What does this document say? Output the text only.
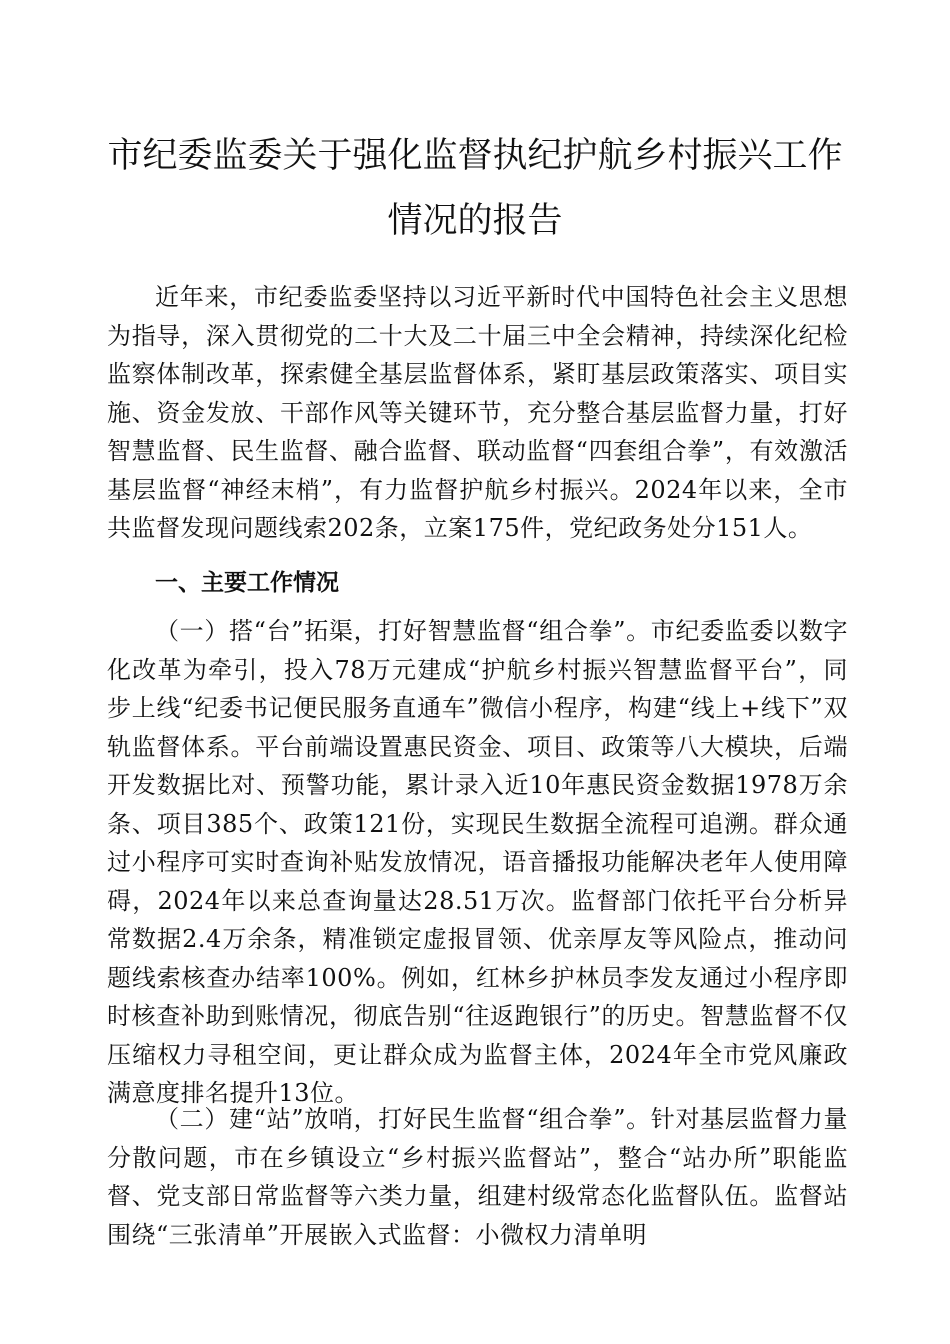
市纪委监委关于强化监督执纪护航乡村振兴工作
情况的报告

近年来，市纪委监委坚持以习近平新时代中国特色社会主义思想为指导，深入贯彻党的二十大及二十届三中全会精神，持续深化纪检监察体制改革，探索健全基层监督体系，紧盯基层政策落实、项目实施、资金发放、干部作风等关键环节，充分整合基层监督力量，打好智慧监督、民生监督、融合监督、联动监督“四套组合拳”，有效激活基层监督“神经末梢”，有力监督护航乡村振兴。2024年以来，全市共监督发现问题线索202条，立案175件，党纪政务处分151人。

一、主要工作情况

（一）搭“台”拓渠，打好智慧监督“组合拳”。市纪委监委以数字化改革为牵引，投入78万元建成“护航乡村振兴智慧监督平台”，同步上线“纪委书记便民服务直通车”微信小程序，构建“线上+线下”双轨监督体系。平台前端设置惠民资金、项目、政策等八大模块，后端开发数据比对、预警功能，累计录入近10年惠民资金数据1978万余条、项目385个、政策121份，实现民生数据全流程可追溯。群众通过小程序可实时查询补贴发放情况，语音播报功能解决老年人使用障碍，2024年以来总查询量达28.51万次。监督部门依托平台分析异常数据2.4万余条，精准锁定虚报冒领、优亲厚友等风险点，推动问题线索核查办结率100%。例如，红林乡护林员李发友通过小程序即时核查补助到账情况，彻底告别“往返跑银行”的历史。智慧监督不仅压缩权力寻租空间，更让群众成为监督主体，2024年全市党风廉政满意度排名提升13位。

（二）建“站”放哨，打好民生监督“组合拳”。针对基层监督力量分散问题，市在乡镇设立“乡村振兴监督站”，整合“站办所”职能监督、党支部日常监督等六类力量，组建村级常态化监督队伍。监督站围绕“三张清单”开展嵌入式监督：小微权力清单明
